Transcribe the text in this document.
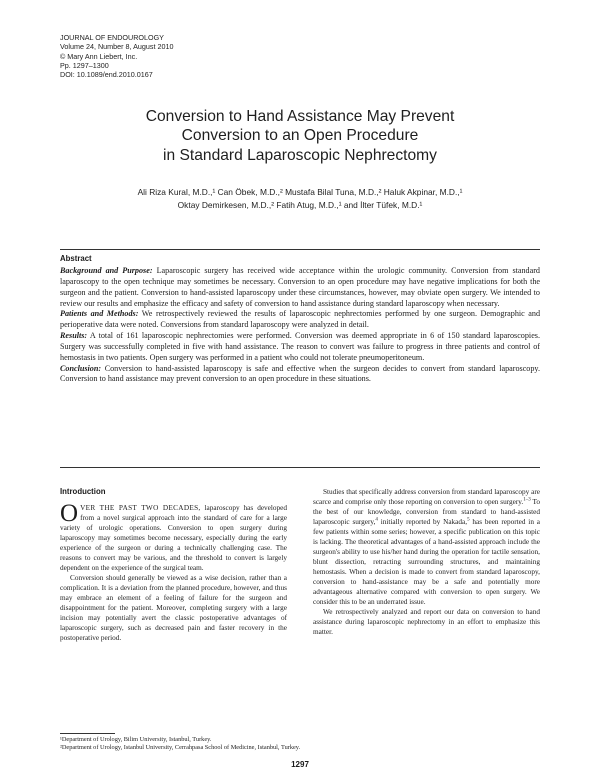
JOURNAL OF ENDOUROLOGY
Volume 24, Number 8, August 2010
© Mary Ann Liebert, Inc.
Pp. 1297–1300
DOI: 10.1089/end.2010.0167
Conversion to Hand Assistance May Prevent
Conversion to an Open Procedure
in Standard Laparoscopic Nephrectomy
Ali Riza Kural, M.D.,¹ Can Öbek, M.D.,² Mustafa Bilal Tuna, M.D.,² Haluk Akpinar, M.D.,¹
Oktay Demirkesen, M.D.,² Fatih Atug, M.D.,¹ and İlter Tüfek, M.D.¹
Abstract

Background and Purpose: Laparoscopic surgery has received wide acceptance within the urologic community. Conversion from standard laparoscopy to the open technique may sometimes be necessary. Conversion to an open procedure may have negative implications for both the surgeon and the patient. Conversion to hand-assisted laparoscopy under these circumstances, however, may obviate open surgery. We intended to review our results and emphasize the efficacy and safety of conversion to hand assistance during standard laparoscopy when necessary.

Patients and Methods: We retrospectively reviewed the results of laparoscopic nephrectomies performed by one surgeon. Demographic and perioperative data were noted. Conversions from standard laparoscopy were analyzed in detail.

Results: A total of 161 laparoscopic nephrectomies were performed. Conversion was deemed appropriate in 6 of 150 standard laparoscopies. Surgery was successfully completed in five with hand assistance. The reason to convert was failure to progress in three patients and control of hemostasis in two patients. Open surgery was performed in a patient who could not tolerate pneumoperitoneum.

Conclusion: Conversion to hand-assisted laparoscopy is safe and effective when the surgeon decides to convert from standard laparoscopy. Conversion to hand assistance may prevent conversion to an open procedure in these situations.

Introduction

OVER THE PAST TWO DECADES, laparoscopy has developed from a novel surgical approach into the standard of care for a large variety of urologic operations. Conversion to open surgery during laparoscopy may sometimes become necessary, especially during the early experience of the surgeon or during a technically challenging case. The reasons to convert may be various, and the threshold to convert is largely dependent on the experience of the surgical team.

Conversion should generally be viewed as a wise decision, rather than a complication. It is a deviation from the planned procedure, however, and thus may embrace an element of a feeling of failure for the surgeon and disappointment for the patient. Moreover, completing surgery with a large incision may potentially avert the classic postoperative advantages of laparoscopic surgery, such as decreased pain and faster recovery in the postoperative period.

Studies that specifically address conversion from standard laparoscopy are scarce and comprise only those reporting on conversion to open surgery.$^{1-3}$ To the best of our knowledge, conversion from standard to hand-assisted laparoscopic surgery,$^4$ initially reported by Nakada,$^5$ has been reported in a few patients within some series; however, a specific publication on this topic is lacking. The theoretical advantages of a hand-assisted approach include the surgeon's ability to use his/her hand during the operation for tactile sensation, blunt dissection, retracting surrounding structures, and maintaining hemostasis. When a decision is made to convert from standard laparoscopy, conversion to hand-assistance may be a safe and potentially more advantageous alternative compared with conversion to open surgery. We consider this to be an underrated issue.

We retrospectively analyzed and report our data on conversion to hand assistance during laparoscopic nephrectomy in an effort to emphasize this matter.

¹Department of Urology, Bilim University, Istanbul, Turkey.
²Department of Urology, Istanbul University, Cerrahpasa School of Medicine, Istanbul, Turkey.
1297
